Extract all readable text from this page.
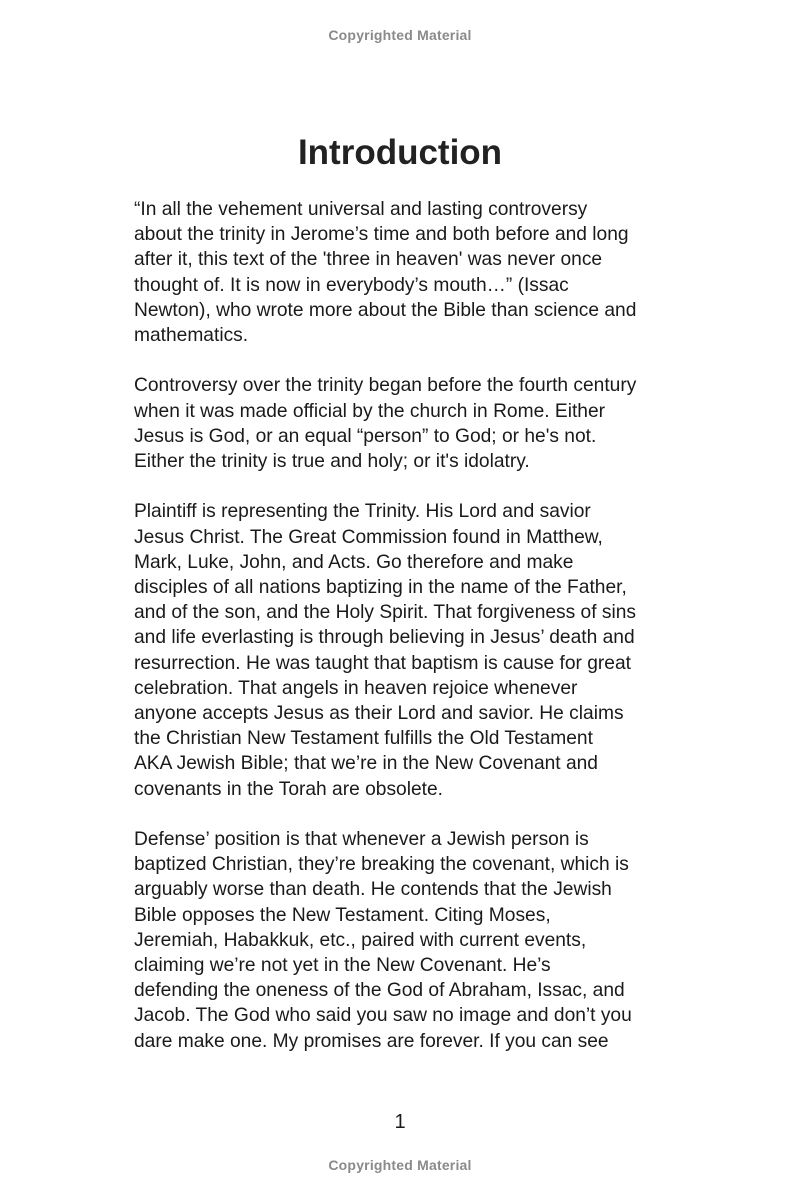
Copyrighted Material
Introduction

“In all the vehement universal and lasting controversy
about the trinity in Jerome’s time and both before and long
after it, this text of the 'three in heaven' was never once
thought of. It is now in everybody’s mouth…” (Issac
Newton), who wrote more about the Bible than science and
mathematics.

Controversy over the trinity began before the fourth century
when it was made official by the church in Rome. Either
Jesus is God, or an equal “person” to God; or he's not.
Either the trinity is true and holy; or it's idolatry.

Plaintiff is representing the Trinity. His Lord and savior
Jesus Christ. The Great Commission found in Matthew,
Mark, Luke, John, and Acts. Go therefore and make
disciples of all nations baptizing in the name of the Father,
and of the son, and the Holy Spirit. That forgiveness of sins
and life everlasting is through believing in Jesus’ death and
resurrection. He was taught that baptism is cause for great
celebration. That angels in heaven rejoice whenever
anyone accepts Jesus as their Lord and savior. He claims
the Christian New Testament fulfills the Old Testament
AKA Jewish Bible; that we’re in the New Covenant and
covenants in the Torah are obsolete.

Defense’ position is that whenever a Jewish person is
baptized Christian, they’re breaking the covenant, which is
arguably worse than death. He contends that the Jewish
Bible opposes the New Testament. Citing Moses,
Jeremiah, Habakkuk, etc., paired with current events,
claiming we’re not yet in the New Covenant. He’s
defending the oneness of the God of Abraham, Issac, and
Jacob. The God who said you saw no image and don’t you
dare make one. My promises are forever. If you can see

1
Copyrighted Material
